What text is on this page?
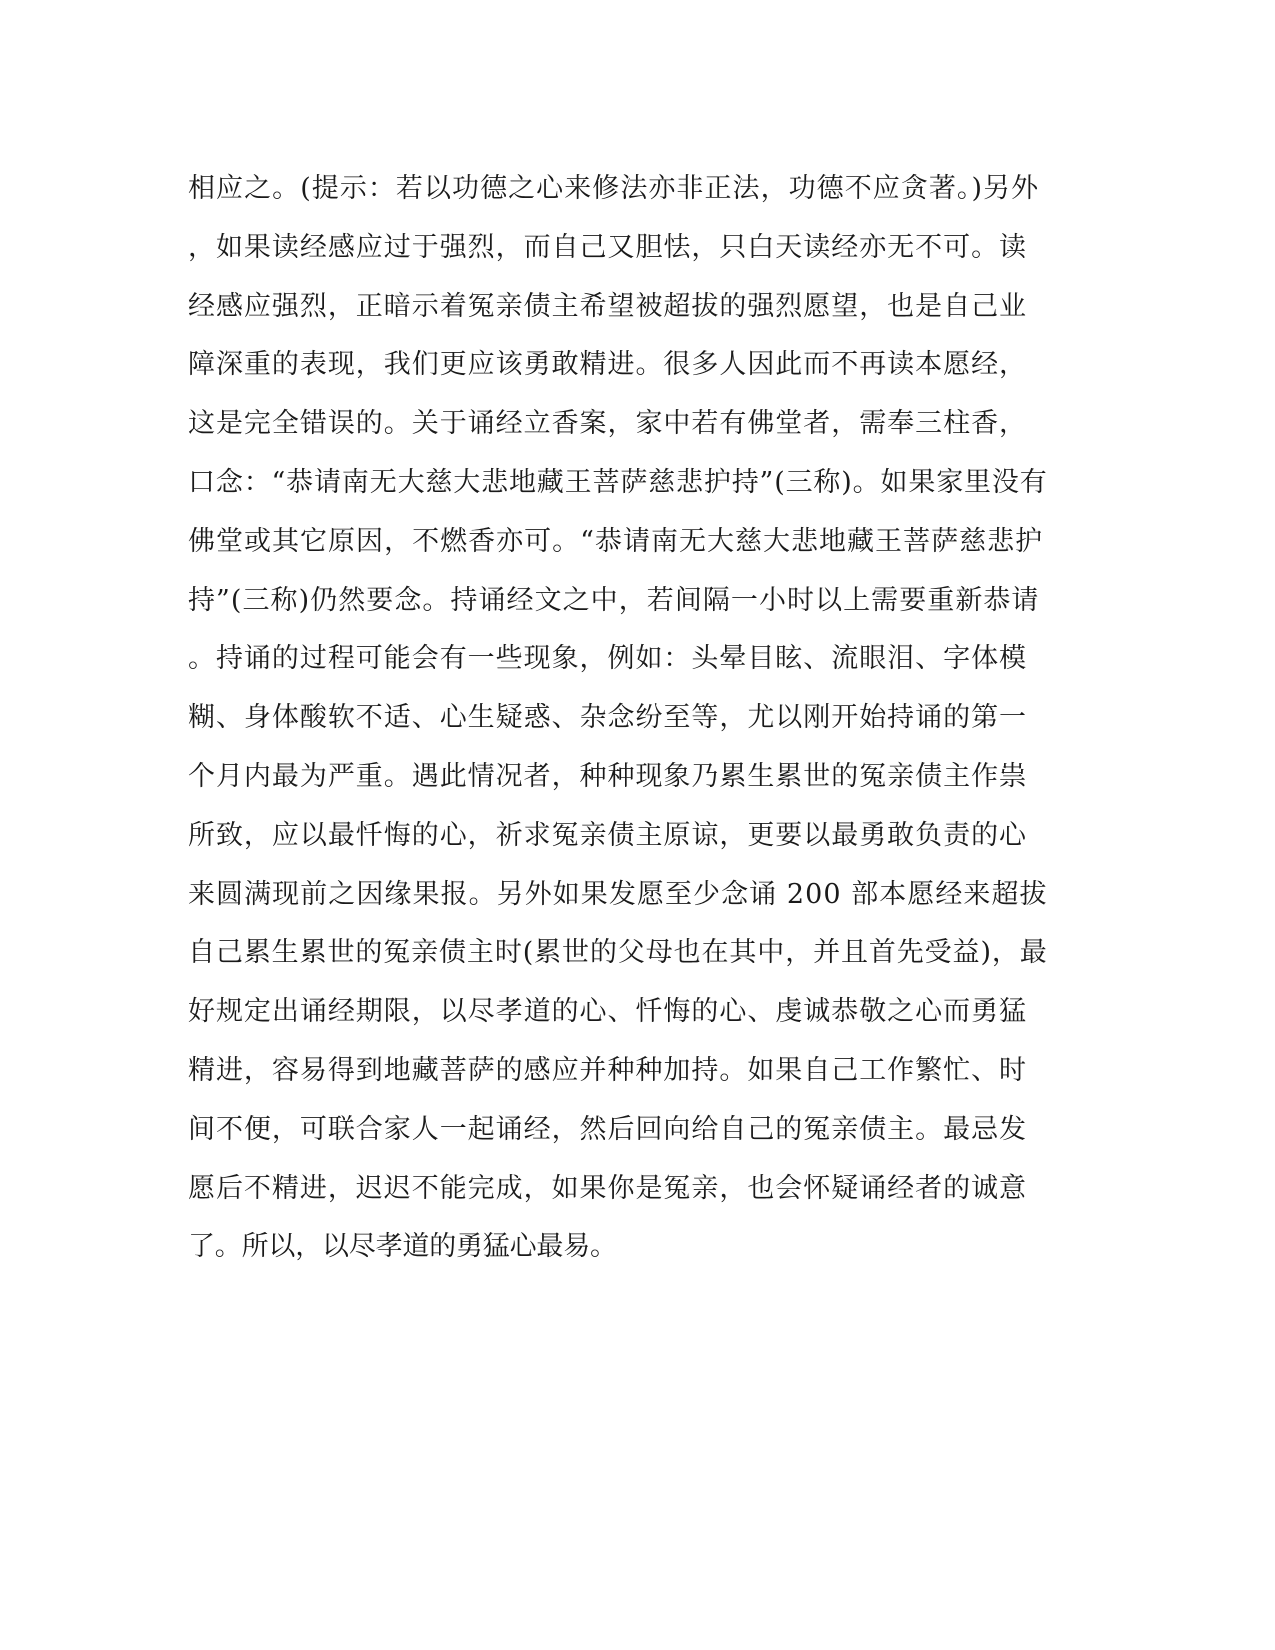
相应之。(提示：若以功德之心来修法亦非正法，功德不应贪著。)另外
，如果读经感应过于强烈，而自己又胆怯，只白天读经亦无不可。读
经感应强烈，正暗示着冤亲债主希望被超拔的强烈愿望，也是自己业
障深重的表现，我们更应该勇敢精进。很多人因此而不再读本愿经，
这是完全错误的。关于诵经立香案，家中若有佛堂者，需奉三柱香，
口念：“恭请南无大慈大悲地藏王菩萨慈悲护持”(三称)。如果家里没有
佛堂或其它原因，不燃香亦可。“恭请南无大慈大悲地藏王菩萨慈悲护
持”(三称)仍然要念。持诵经文之中，若间隔一小时以上需要重新恭请
。持诵的过程可能会有一些现象，例如：头晕目眩、流眼泪、字体模
糊、身体酸软不适、心生疑惑、杂念纷至等，尤以刚开始持诵的第一
个月内最为严重。遇此情况者，种种现象乃累生累世的冤亲债主作祟
所致，应以最忏悔的心，祈求冤亲债主原谅，更要以最勇敢负责的心
来圆满现前之因缘果报。另外如果发愿至少念诵 200 部本愿经来超拔
自己累生累世的冤亲债主时(累世的父母也在其中，并且首先受益)，最
好规定出诵经期限，以尽孝道的心、忏悔的心、虔诚恭敬之心而勇猛
精进，容易得到地藏菩萨的感应并种种加持。如果自己工作繁忙、时
间不便，可联合家人一起诵经，然后回向给自己的冤亲债主。最忌发
愿后不精进，迟迟不能完成，如果你是冤亲，也会怀疑诵经者的诚意
了。所以，以尽孝道的勇猛心最易。
